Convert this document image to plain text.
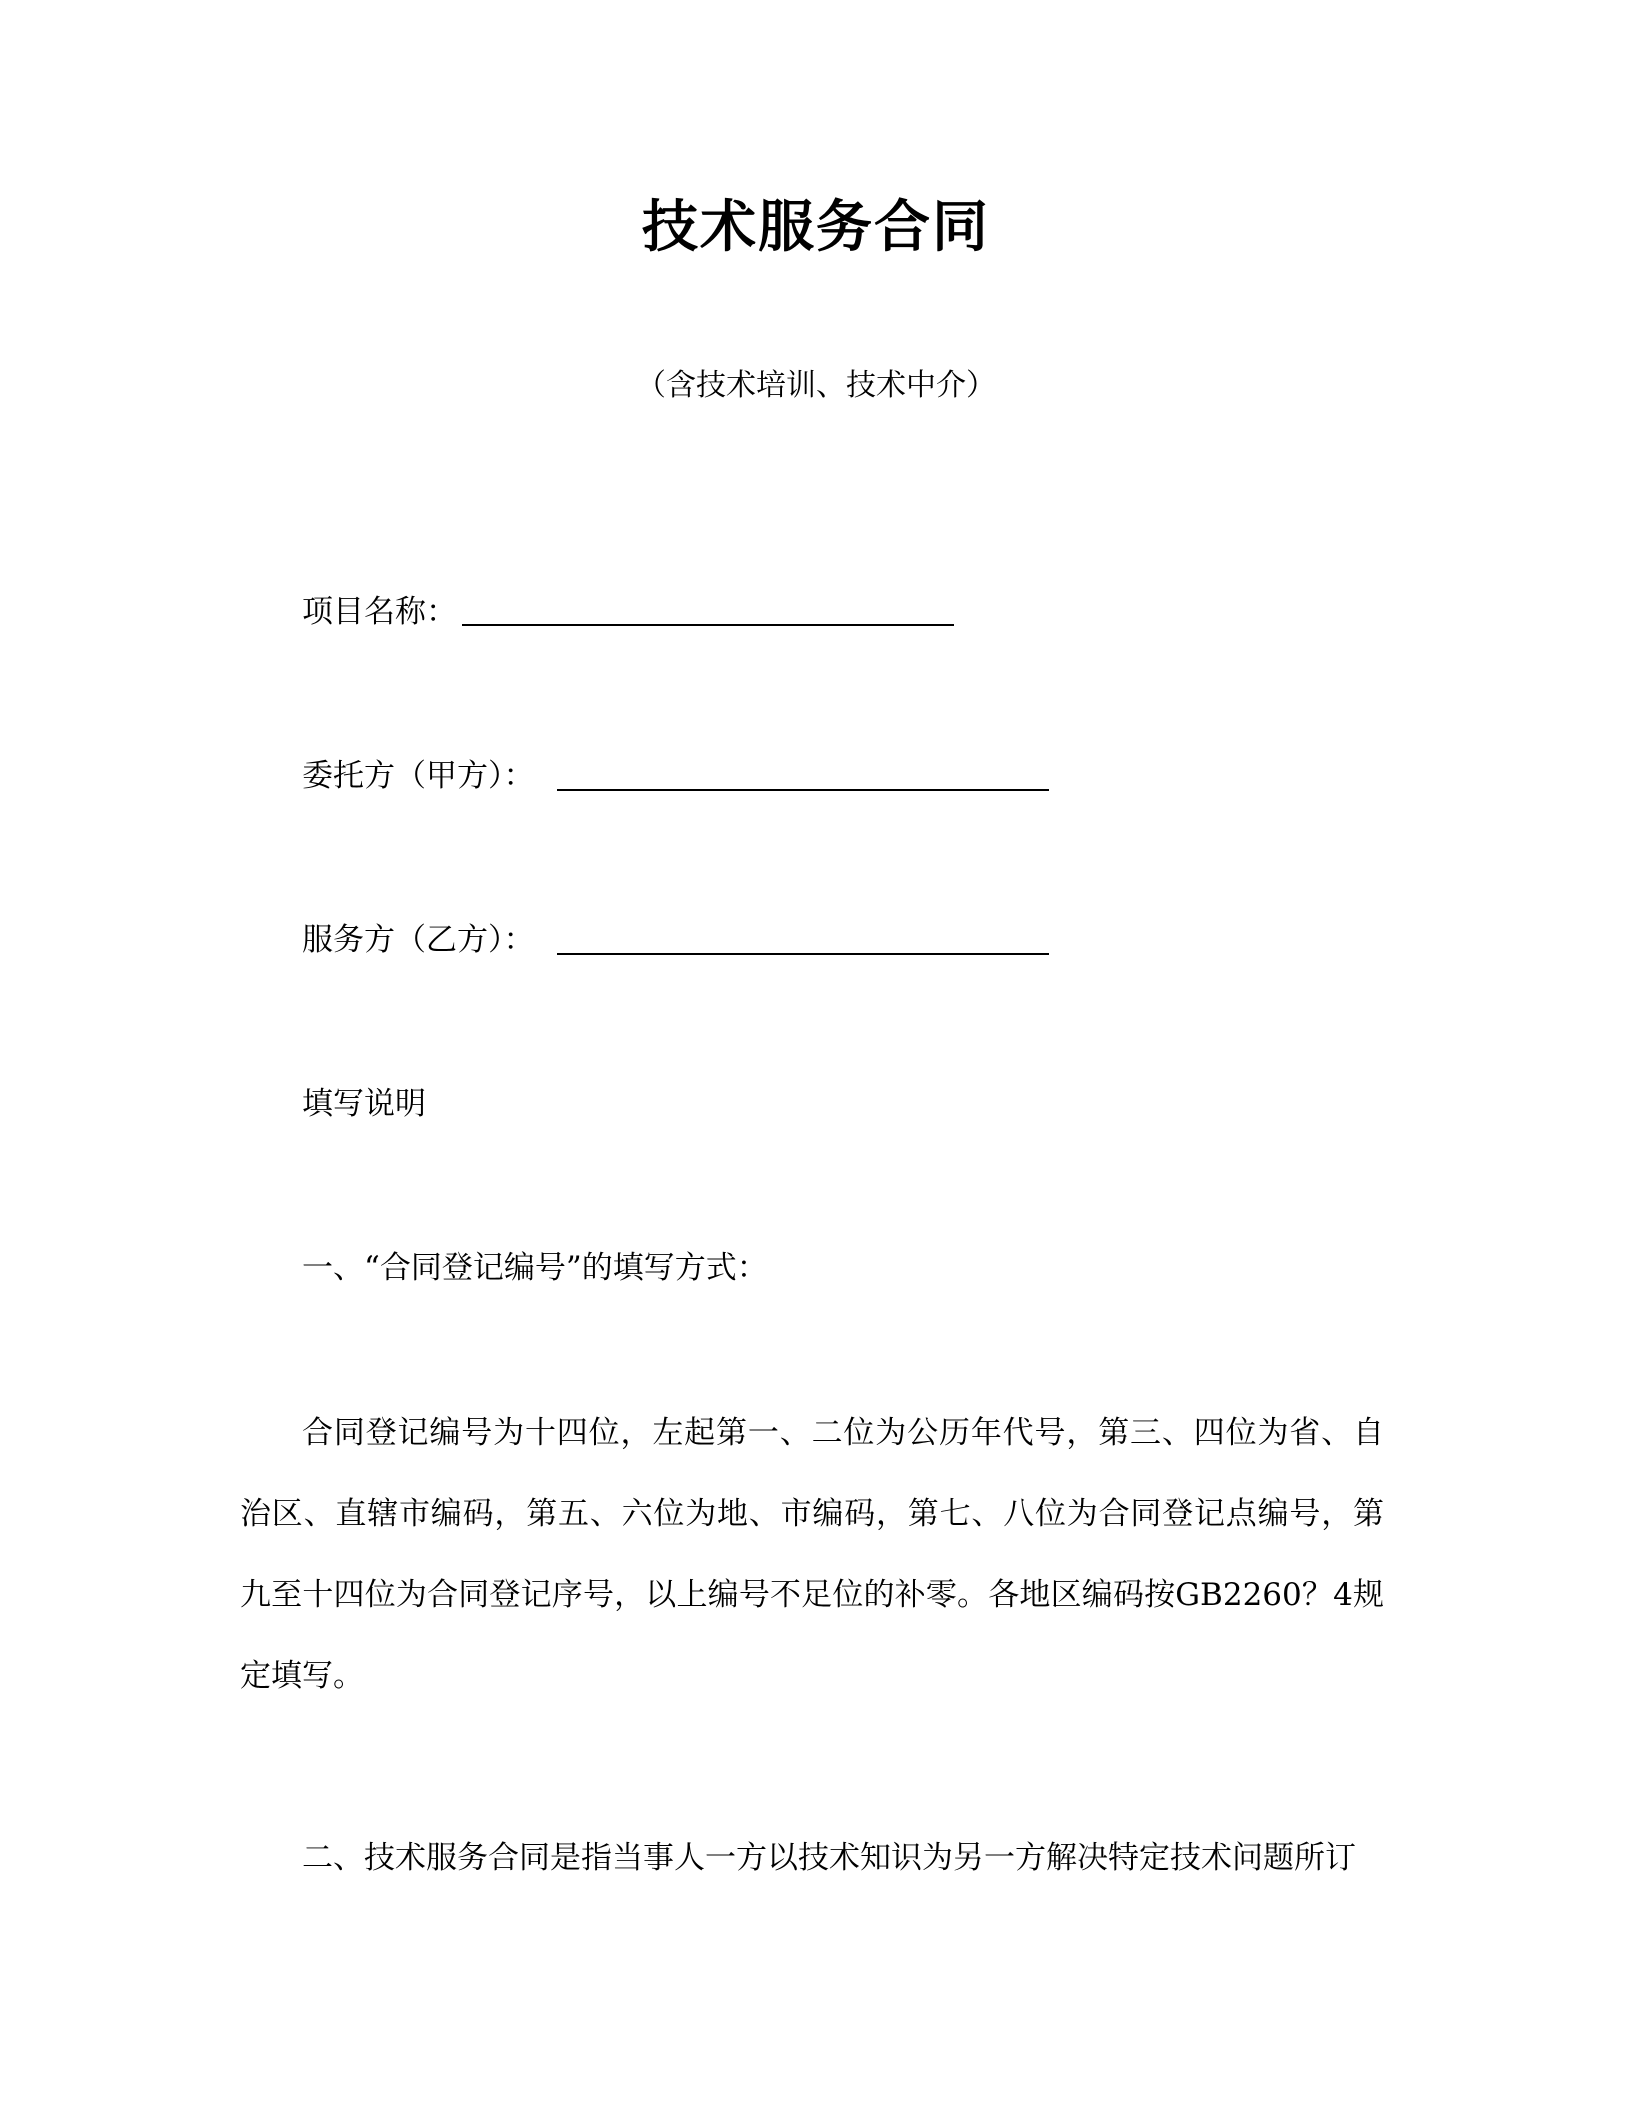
技术服务合同
（含技术培训、技术中介）
项目名称：
委托方（甲方）：
服务方（乙方）：
填写说明
一、“合同登记编号”的填写方式：

合同登记编号为十四位，左起第一、二位为公历年代号，第三、四位为省、自治区、直辖市编码，第五、六位为地、市编码，第七、八位为合同登记点编号，第九至十四位为合同登记序号，以上编号不足位的补零。各地区编码按GB2260？4规定填写。

二、技术服务合同是指当事人一方以技术知识为另一方解决特定技术问题所订
